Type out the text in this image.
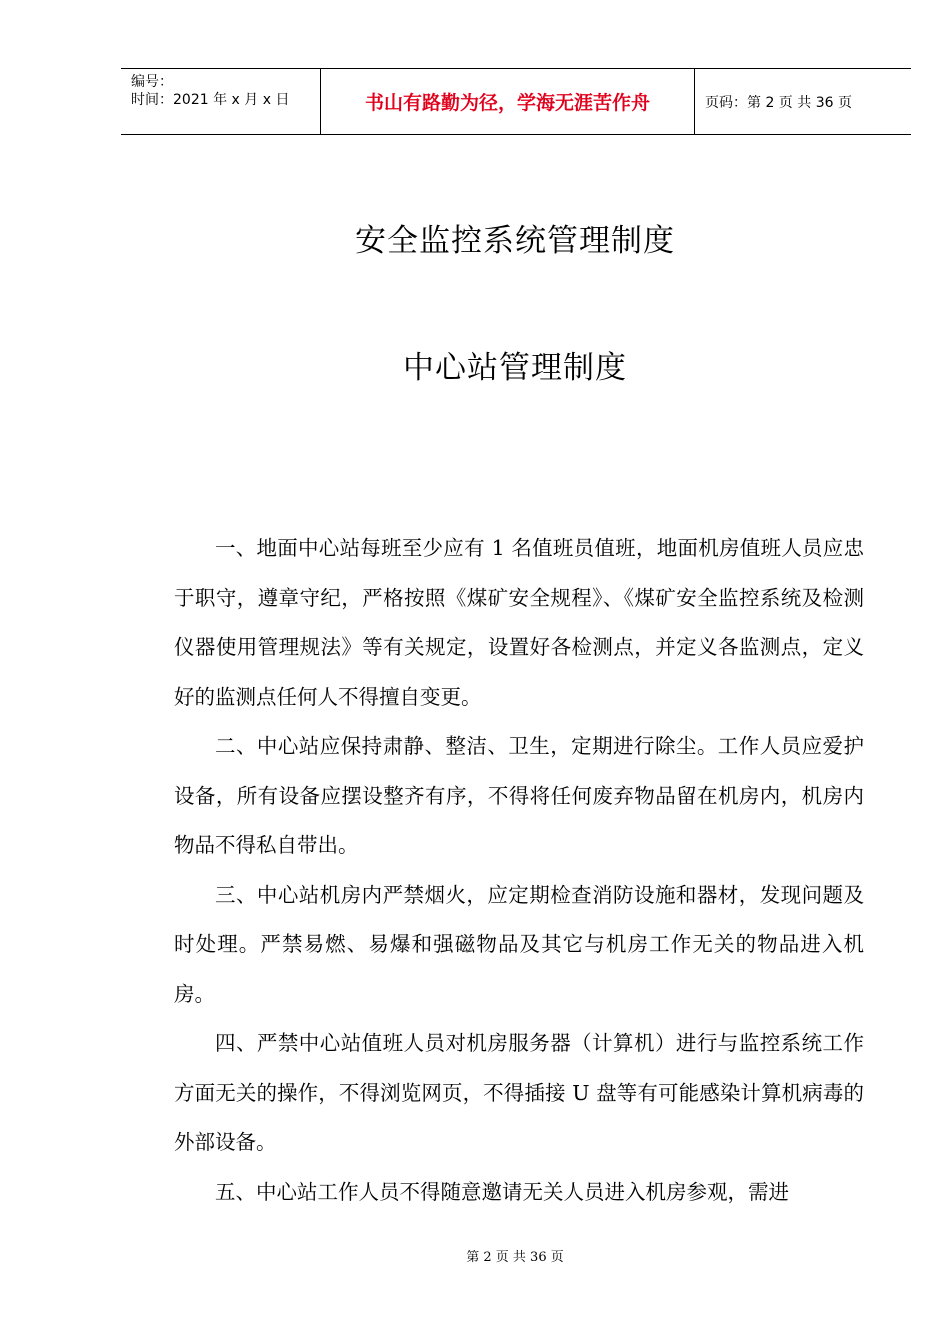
编号：
时间：2021 年 x 月 x 日	书山有路勤为径，学海无涯苦作舟	页码：第 2 页 共 36 页
安全监控系统管理制度
中心站管理制度

一、地面中心站每班至少应有 1 名值班员值班，地面机房值班人员应忠于职守，遵章守纪，严格按照《煤矿安全规程》、《煤矿安全监控系统及检测仪器使用管理规法》等有关规定，设置好各检测点，并定义各监测点，定义好的监测点任何人不得擅自变更。

二、中心站应保持肃静、整洁、卫生，定期进行除尘。工作人员应爱护设备，所有设备应摆设整齐有序，不得将任何废弃物品留在机房内，机房内物品不得私自带出。

三、中心站机房内严禁烟火，应定期检查消防设施和器材，发现问题及时处理。严禁易燃、易爆和强磁物品及其它与机房工作无关的物品进入机房。

四、严禁中心站值班人员对机房服务器（计算机）进行与监控系统工作方面无关的操作，不得浏览网页，不得插接 U 盘等有可能感染计算机病毒的外部设备。

五、中心站工作人员不得随意邀请无关人员进入机房参观，需进

第 2 页 共 36 页
